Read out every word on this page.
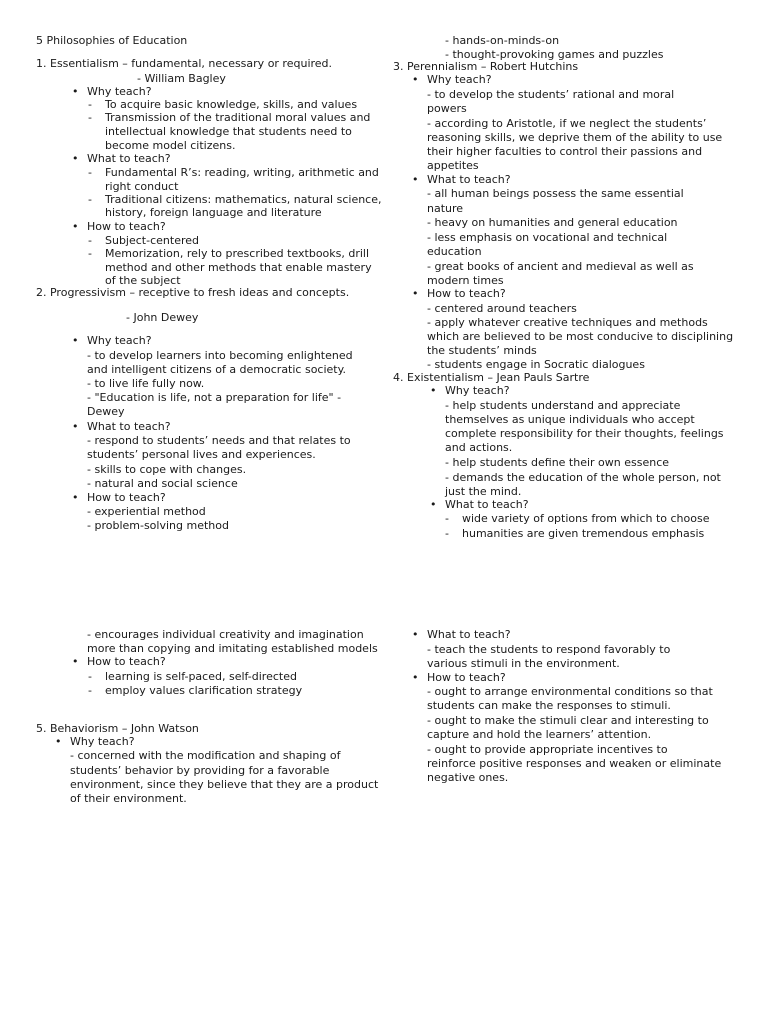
5 Philosophies of Education
1. Essentialism – fundamental, necessary or required.
- William Bagley
• Why teach?
- To acquire basic knowledge, skills, and values
- Transmission of the traditional moral values and
intellectual knowledge that students need to
become model citizens.
• What to teach?
- Fundamental R’s: reading, writing, arithmetic and
right conduct
- Traditional citizens: mathematics, natural science,
history, foreign language and literature
• How to teach?
- Subject-centered
- Memorization, rely to prescribed textbooks, drill
method and other methods that enable mastery
of the subject
2. Progressivism – receptive to fresh ideas and concepts.
- John Dewey
• Why teach?
- to develop learners into becoming enlightened
and intelligent citizens of a democratic society.
- to live life fully now.
- "Education is life, not a preparation for life" -
Dewey
• What to teach?
- respond to students’ needs and that relates to
students’ personal lives and experiences.
- skills to cope with changes.
- natural and social science
• How to teach?
- experiential method
- problem-solving method
- hands-on-minds-on
- thought-provoking games and puzzles
3. Perennialism – Robert Hutchins
• Why teach?
- to develop the students’ rational and moral
powers
- according to Aristotle, if we neglect the students’
reasoning skills, we deprive them of the ability to use
their higher faculties to control their passions and
appetites
• What to teach?
- all human beings possess the same essential
nature
- heavy on humanities and general education
- less emphasis on vocational and technical
education
- great books of ancient and medieval as well as
modern times
• How to teach?
- centered around teachers
- apply whatever creative techniques and methods
which are believed to be most conducive to disciplining
the students’ minds
- students engage in Socratic dialogues
4. Existentialism – Jean Pauls Sartre
• Why teach?
- help students understand and appreciate
themselves as unique individuals who accept
complete responsibility for their thoughts, feelings
and actions.
- help students define their own essence
- demands the education of the whole person, not
just the mind.
• What to teach?
- wide variety of options from which to choose
- humanities are given tremendous emphasis
- encourages individual creativity and imagination
more than copying and imitating established models
• How to teach?
- learning is self-paced, self-directed
- employ values clarification strategy
5. Behaviorism – John Watson
• Why teach?
- concerned with the modification and shaping of
students’ behavior by providing for a favorable
environment, since they believe that they are a product
of their environment.
• What to teach?
- teach the students to respond favorably to
various stimuli in the environment.
• How to teach?
- ought to arrange environmental conditions so that
students can make the responses to stimuli.
- ought to make the stimuli clear and interesting to
capture and hold the learners’ attention.
- ought to provide appropriate incentives to
reinforce positive responses and weaken or eliminate
negative ones.
